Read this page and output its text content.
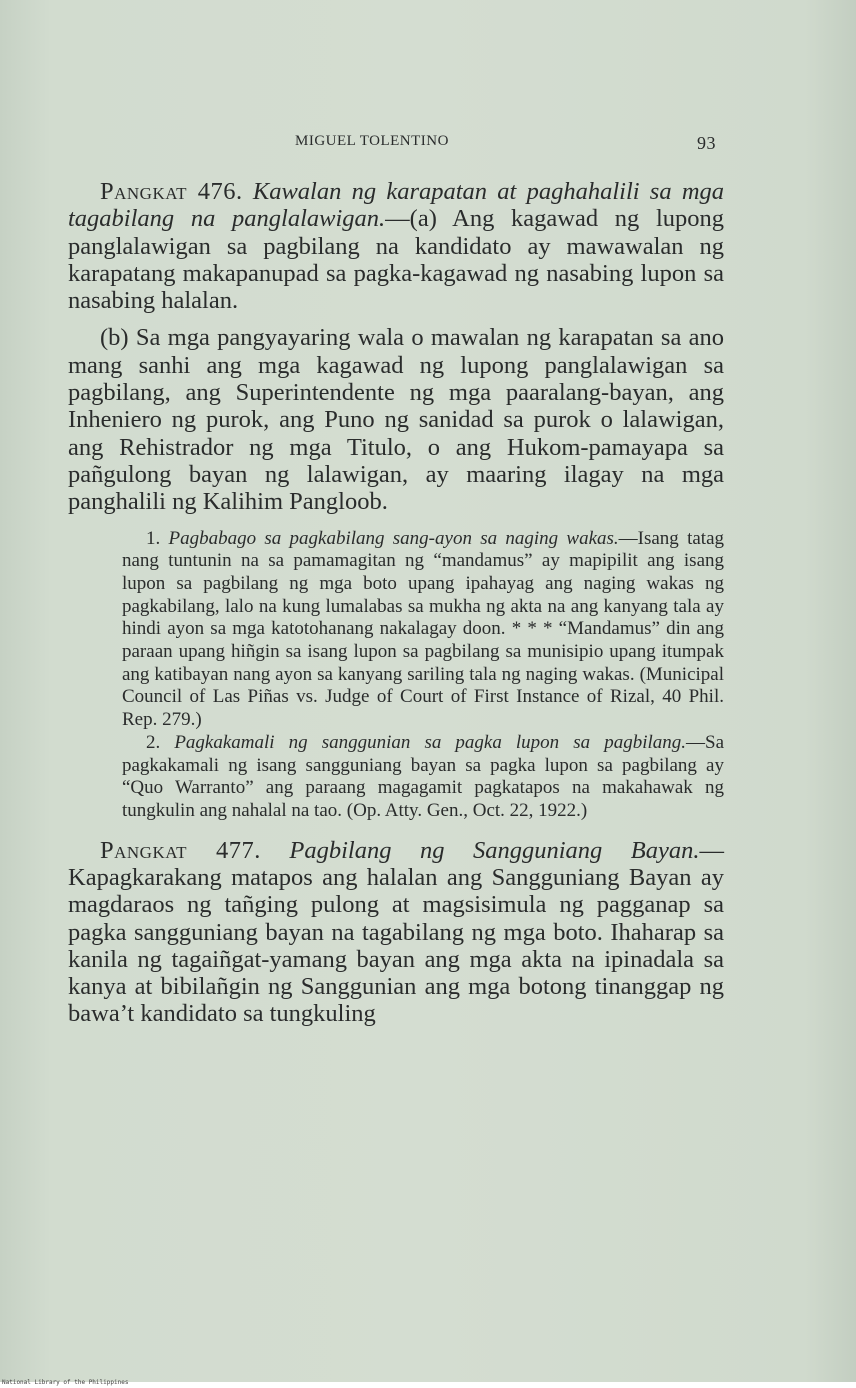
MIGUEL TOLENTINO	93

Pangkat 476. Kawalan ng karapatan at paghahalili sa mga tagabilang na panglalawigan.—(a) Ang kagawad ng lupong panglalawigan sa pagbilang na kandidato ay mawawalan ng karapatang makapanupad sa pagka-kagawad ng nasabing lupon sa nasabing halalan.

(b) Sa mga pangyayaring wala o mawalan ng karapatan sa ano mang sanhi ang mga kagawad ng lupong panglalawigan sa pagbilang, ang Superintendente ng mga paaralang-bayan, ang Inheniero ng purok, ang Puno ng sanidad sa purok o lalawigan, ang Rehistrador ng mga Titulo, o ang Hukom-pamayapa sa pañgulong bayan ng lalawigan, ay maaring ilagay na mga panghalili ng Kalihim Pangloob.

1. Pagbabago sa pagkabilang sang-ayon sa naging wakas.—Isang tatag nang tuntunin na sa pamamagitan ng “mandamus” ay mapipilit ang isang lupon sa pagbilang ng mga boto upang ipahayag ang naging wakas ng pagkabilang, lalo na kung lumalabas sa mukha ng akta na ang kanyang tala ay hindi ayon sa mga katotohanang nakalagay doon. * * * “Mandamus” din ang paraan upang hiñgin sa isang lupon sa pagbilang sa munisipio upang itumpak ang katibayan nang ayon sa kanyang sariling tala ng naging wakas. (Municipal Council of Las Piñas vs. Judge of Court of First Instance of Rizal, 40 Phil. Rep. 279.)

2. Pagkakamali ng sanggunian sa pagka lupon sa pagbilang.—Sa pagkakamali ng isang sangguniang bayan sa pagka lupon sa pagbilang ay “Quo Warranto” ang paraang magagamit pagkatapos na makahawak ng tungkulin ang nahalal na tao. (Op. Atty. Gen., Oct. 22, 1922.)

Pangkat 477. Pagbilang ng Sangguniang Bayan.—Kapagkarakang matapos ang halalan ang Sangguniang Bayan ay magdaraos ng tañging pulong at magsisimula ng pagganap sa pagka sangguniang bayan na tagabilang ng mga boto. Ihaharap sa kanila ng tagaiñgat-yamang bayan ang mga akta na ipinadala sa kanya at bibilañgin ng Sanggunian ang mga botong tinanggap ng bawa’t kandidato sa tungkuling

National Library of the Philippines
